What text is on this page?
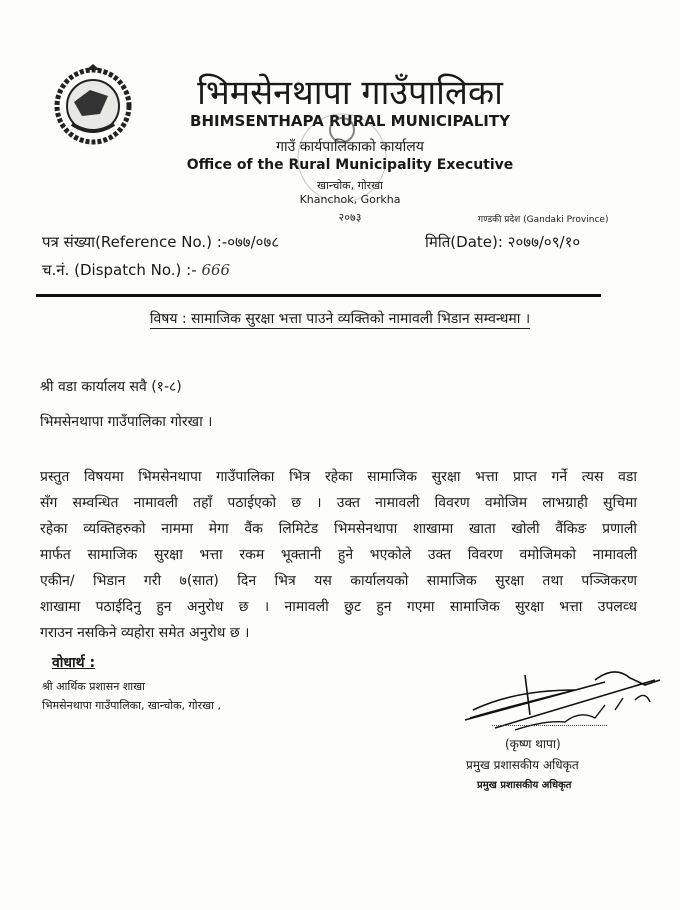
भिमसेनथापा गाउँपालिका
BHIMSENTHAPA RURAL MUNICIPALITY
गाउँ कार्यपालिकाको कार्यालय
Office of the Rural Municipality Executive
खान्चोक, गोरखा
Khanchok, Gorkha
२०७३	गण्डकी प्रदेश (Gandaki Province)
पत्र संख्या(Reference No.) :-०७७/०७८	मिति(Date): २०७७/०९/१०
च.नं. (Dispatch No.) :- 666
विषय : सामाजिक सुरक्षा भत्ता पाउने व्यक्तिको नामावली भिडान सम्वन्धमा ।
श्री वडा कार्यालय सवै (१-८)
भिमसेनथापा गाउँपालिका गोरखा ।
प्रस्तुत विषयमा भिमसेनथापा गाउँपालिका भित्र रहेका सामाजिक सुरक्षा भत्ता प्राप्त गर्ने त्यस वडा
सँग सम्वन्धित नामावली तहाँ पठाईएको छ । उक्त नामावली विवरण वमोजिम लाभग्राही सुचिमा
रहेका व्यक्तिहरुको नाममा मेगा वैंक लिमिटेड भिमसेनथापा शाखामा खाता खोली वैंकिङ प्रणाली
मार्फत सामाजिक सुरक्षा भत्ता रकम भूक्तानी हुने भएकोले उक्त विवरण वमोजिमको नामावली
एकीन/ भिडान गरी ७(सात) दिन भित्र यस कार्यालयको सामाजिक सुरक्षा तथा पञ्जिकरण
शाखामा पठाईदिनु हुन अनुरोध छ । नामावली छुट हुन गएमा सामाजिक सुरक्षा भत्ता उपलव्ध
गराउन नसकिने व्यहोरा समेत अनुरोध छ ।
वोधार्थ :
श्री आर्थिक प्रशासन शाखा
भिमसेनथापा गाउँपालिका, खान्चोक, गोरखा ,
(कृष्ण थापा)
प्रमुख प्रशासकीय अधिकृत
प्रमुख प्रशासकीय अधिकृत
